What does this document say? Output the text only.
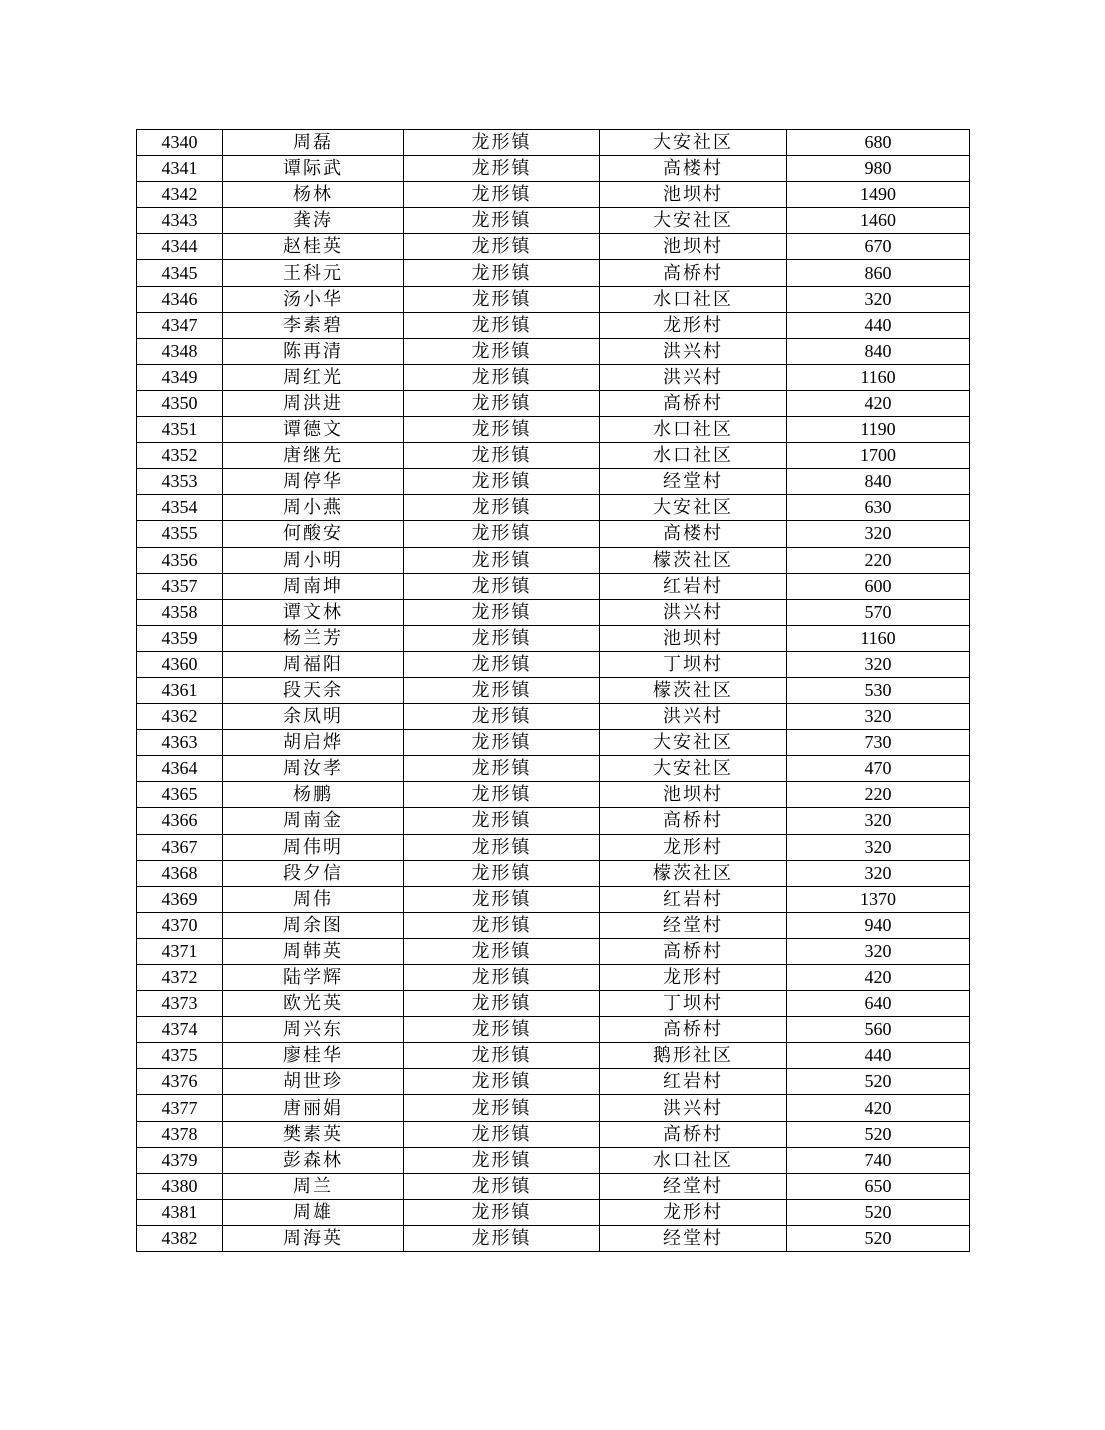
4340	周磊	龙形镇	大安社区	680
4341	谭际武	龙形镇	高楼村	980
4342	杨林	龙形镇	池坝村	1490
4343	龚涛	龙形镇	大安社区	1460
4344	赵桂英	龙形镇	池坝村	670
4345	王科元	龙形镇	高桥村	860
4346	汤小华	龙形镇	水口社区	320
4347	李素碧	龙形镇	龙形村	440
4348	陈再清	龙形镇	洪兴村	840
4349	周红光	龙形镇	洪兴村	1160
4350	周洪进	龙形镇	高桥村	420
4351	谭德文	龙形镇	水口社区	1190
4352	唐继先	龙形镇	水口社区	1700
4353	周停华	龙形镇	经堂村	840
4354	周小燕	龙形镇	大安社区	630
4355	何酸安	龙形镇	高楼村	320
4356	周小明	龙形镇	檬茨社区	220
4357	周南坤	龙形镇	红岩村	600
4358	谭文林	龙形镇	洪兴村	570
4359	杨兰芳	龙形镇	池坝村	1160
4360	周福阳	龙形镇	丁坝村	320
4361	段天余	龙形镇	檬茨社区	530
4362	余凤明	龙形镇	洪兴村	320
4363	胡启烨	龙形镇	大安社区	730
4364	周汝孝	龙形镇	大安社区	470
4365	杨鹏	龙形镇	池坝村	220
4366	周南金	龙形镇	高桥村	320
4367	周伟明	龙形镇	龙形村	320
4368	段夕信	龙形镇	檬茨社区	320
4369	周伟	龙形镇	红岩村	1370
4370	周余图	龙形镇	经堂村	940
4371	周韩英	龙形镇	高桥村	320
4372	陆学辉	龙形镇	龙形村	420
4373	欧光英	龙形镇	丁坝村	640
4374	周兴东	龙形镇	高桥村	560
4375	廖桂华	龙形镇	鹅形社区	440
4376	胡世珍	龙形镇	红岩村	520
4377	唐丽娟	龙形镇	洪兴村	420
4378	樊素英	龙形镇	高桥村	520
4379	彭森林	龙形镇	水口社区	740
4380	周兰	龙形镇	经堂村	650
4381	周雄	龙形镇	龙形村	520
4382	周海英	龙形镇	经堂村	520
